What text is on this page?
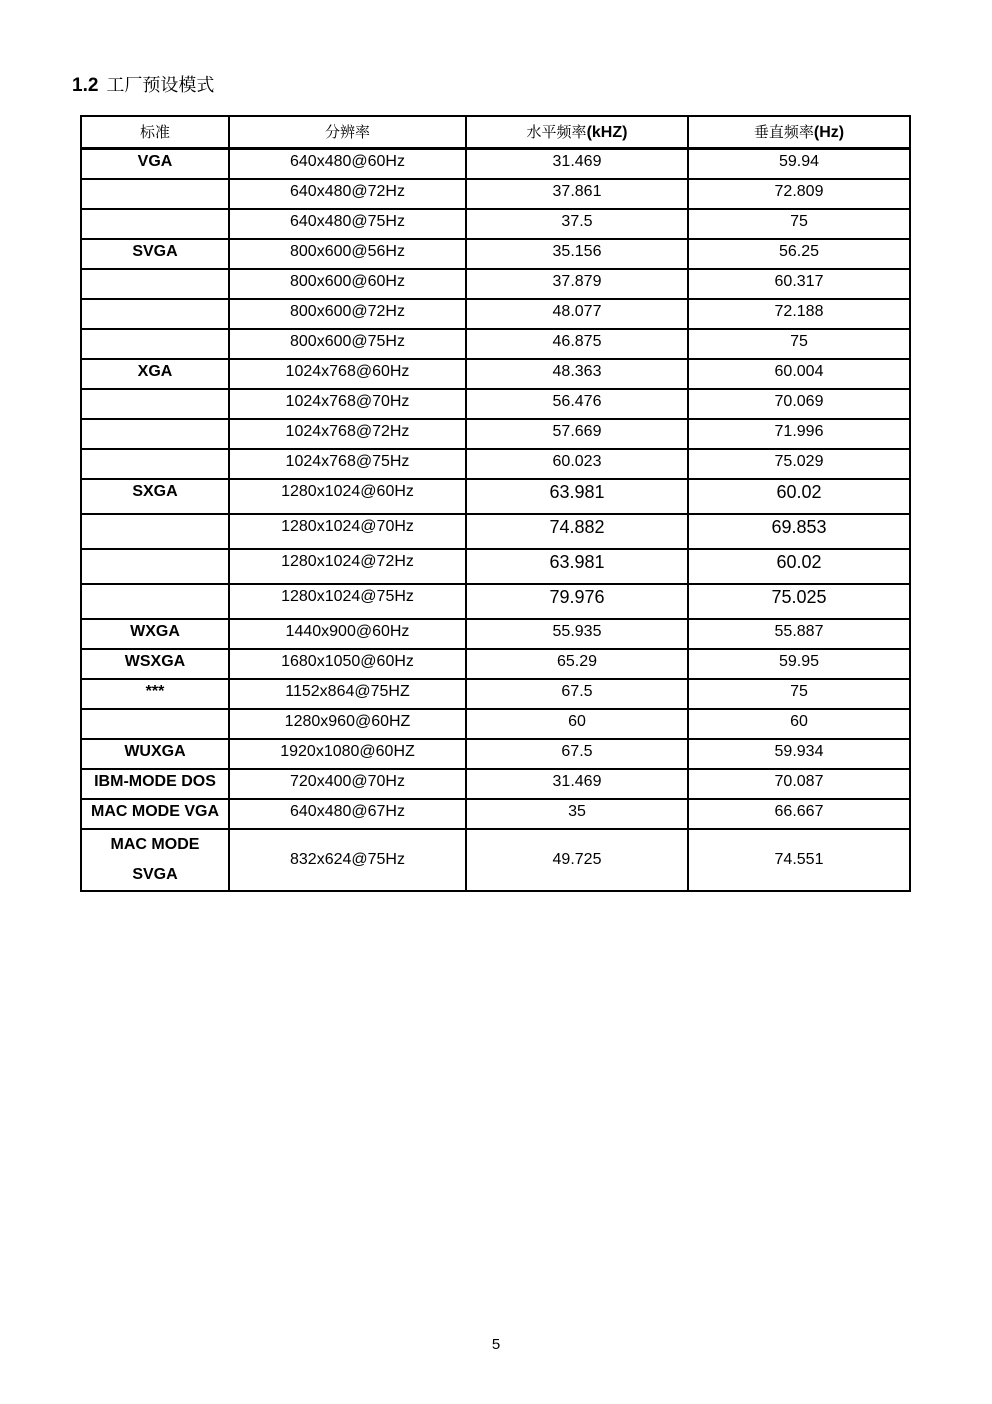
1.2 工厂预设模式
标准	分辨率	水平频率(kHZ)	垂直频率(Hz)
VGA	640x480@60Hz	31.469	59.94
	640x480@72Hz	37.861	72.809
	640x480@75Hz	37.5	75
SVGA	800x600@56Hz	35.156	56.25
	800x600@60Hz	37.879	60.317
	800x600@72Hz	48.077	72.188
	800x600@75Hz	46.875	75
XGA	1024x768@60Hz	48.363	60.004
	1024x768@70Hz	56.476	70.069
	1024x768@72Hz	57.669	71.996
	1024x768@75Hz	60.023	75.029
SXGA	1280x1024@60Hz	63.981	60.02
	1280x1024@70Hz	74.882	69.853
	1280x1024@72Hz	63.981	60.02
	1280x1024@75Hz	79.976	75.025
WXGA	1440x900@60Hz	55.935	55.887
WSXGA	1680x1050@60Hz	65.29	59.95
***	1152x864@75HZ	67.5	75
	1280x960@60HZ	60	60
WUXGA	1920x1080@60HZ	67.5	59.934
IBM-MODE DOS	720x400@70Hz	31.469	70.087
MAC MODE VGA	640x480@67Hz	35	66.667
MAC MODE
SVGA	832x624@75Hz	49.725	74.551
5
